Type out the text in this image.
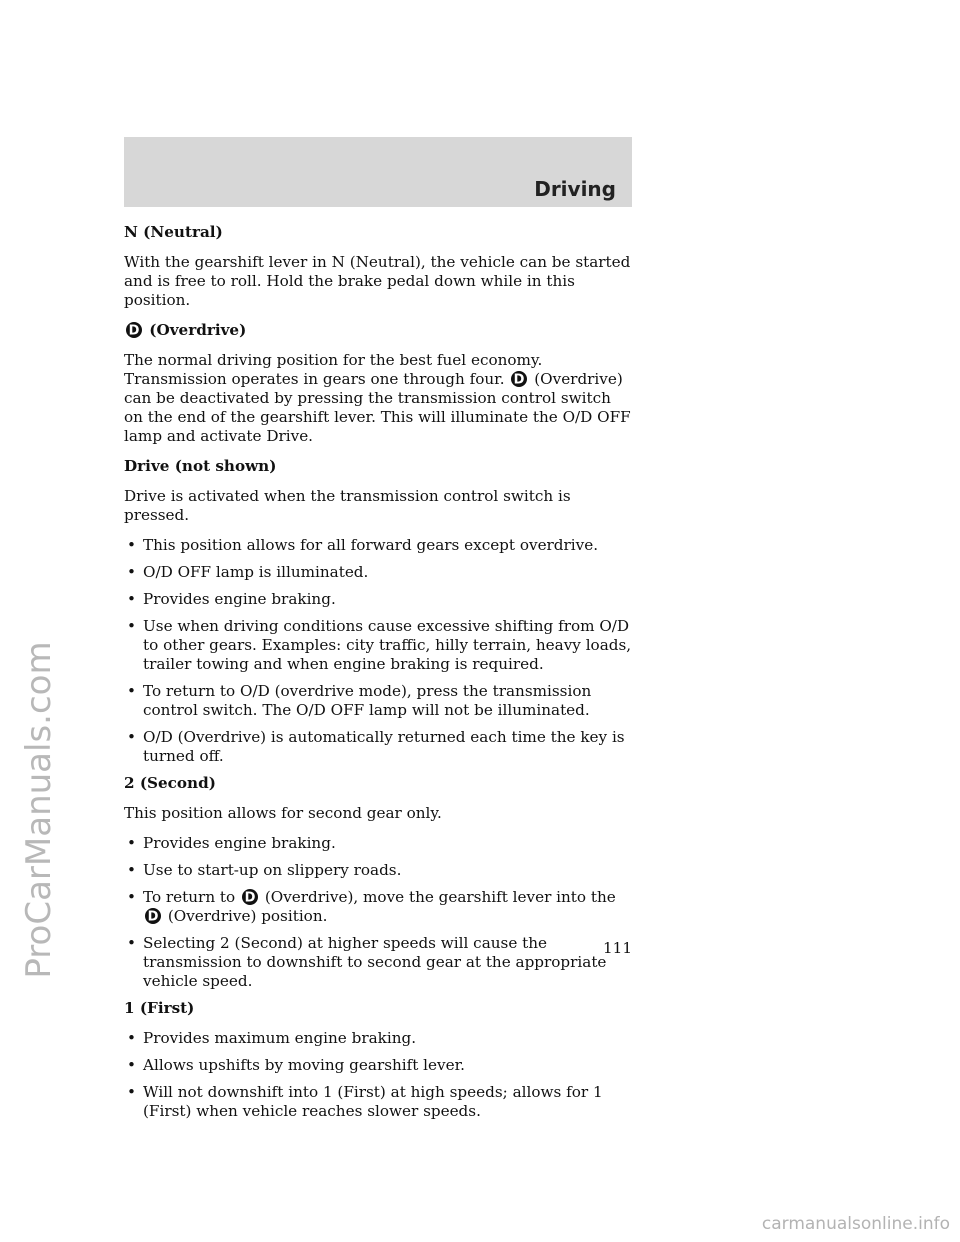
ProCarManuals.com
Driving
N (Neutral)
With the gearshift lever in N (Neutral), the vehicle can be started and is free to roll. Hold the brake pedal down while in this position.
D (Overdrive)
The normal driving position for the best fuel economy. Transmission operates in gears one through four. D (Overdrive) can be deactivated by pressing the transmission control switch on the end of the gearshift lever. This will illuminate the O/D OFF lamp and activate Drive.
Drive (not shown)
Drive is activated when the transmission control switch is pressed.
• This position allows for all forward gears except overdrive.
• O/D OFF lamp is illuminated.
• Provides engine braking.
• Use when driving conditions cause excessive shifting from O/D to other gears. Examples: city traffic, hilly terrain, heavy loads, trailer towing and when engine braking is required.
• To return to O/D (overdrive mode), press the transmission control switch. The O/D OFF lamp will not be illuminated.
• O/D (Overdrive) is automatically returned each time the key is turned off.
2 (Second)
This position allows for second gear only.
• Provides engine braking.
• Use to start-up on slippery roads.
• To return to D (Overdrive), move the gearshift lever into the
D (Overdrive) position.
• Selecting 2 (Second) at higher speeds will cause the transmission to downshift to second gear at the appropriate vehicle speed.
1 (First)
• Provides maximum engine braking.
• Allows upshifts by moving gearshift lever.
• Will not downshift into 1 (First) at high speeds; allows for 1 (First) when vehicle reaches slower speeds.
111
carmanualsonline.info
